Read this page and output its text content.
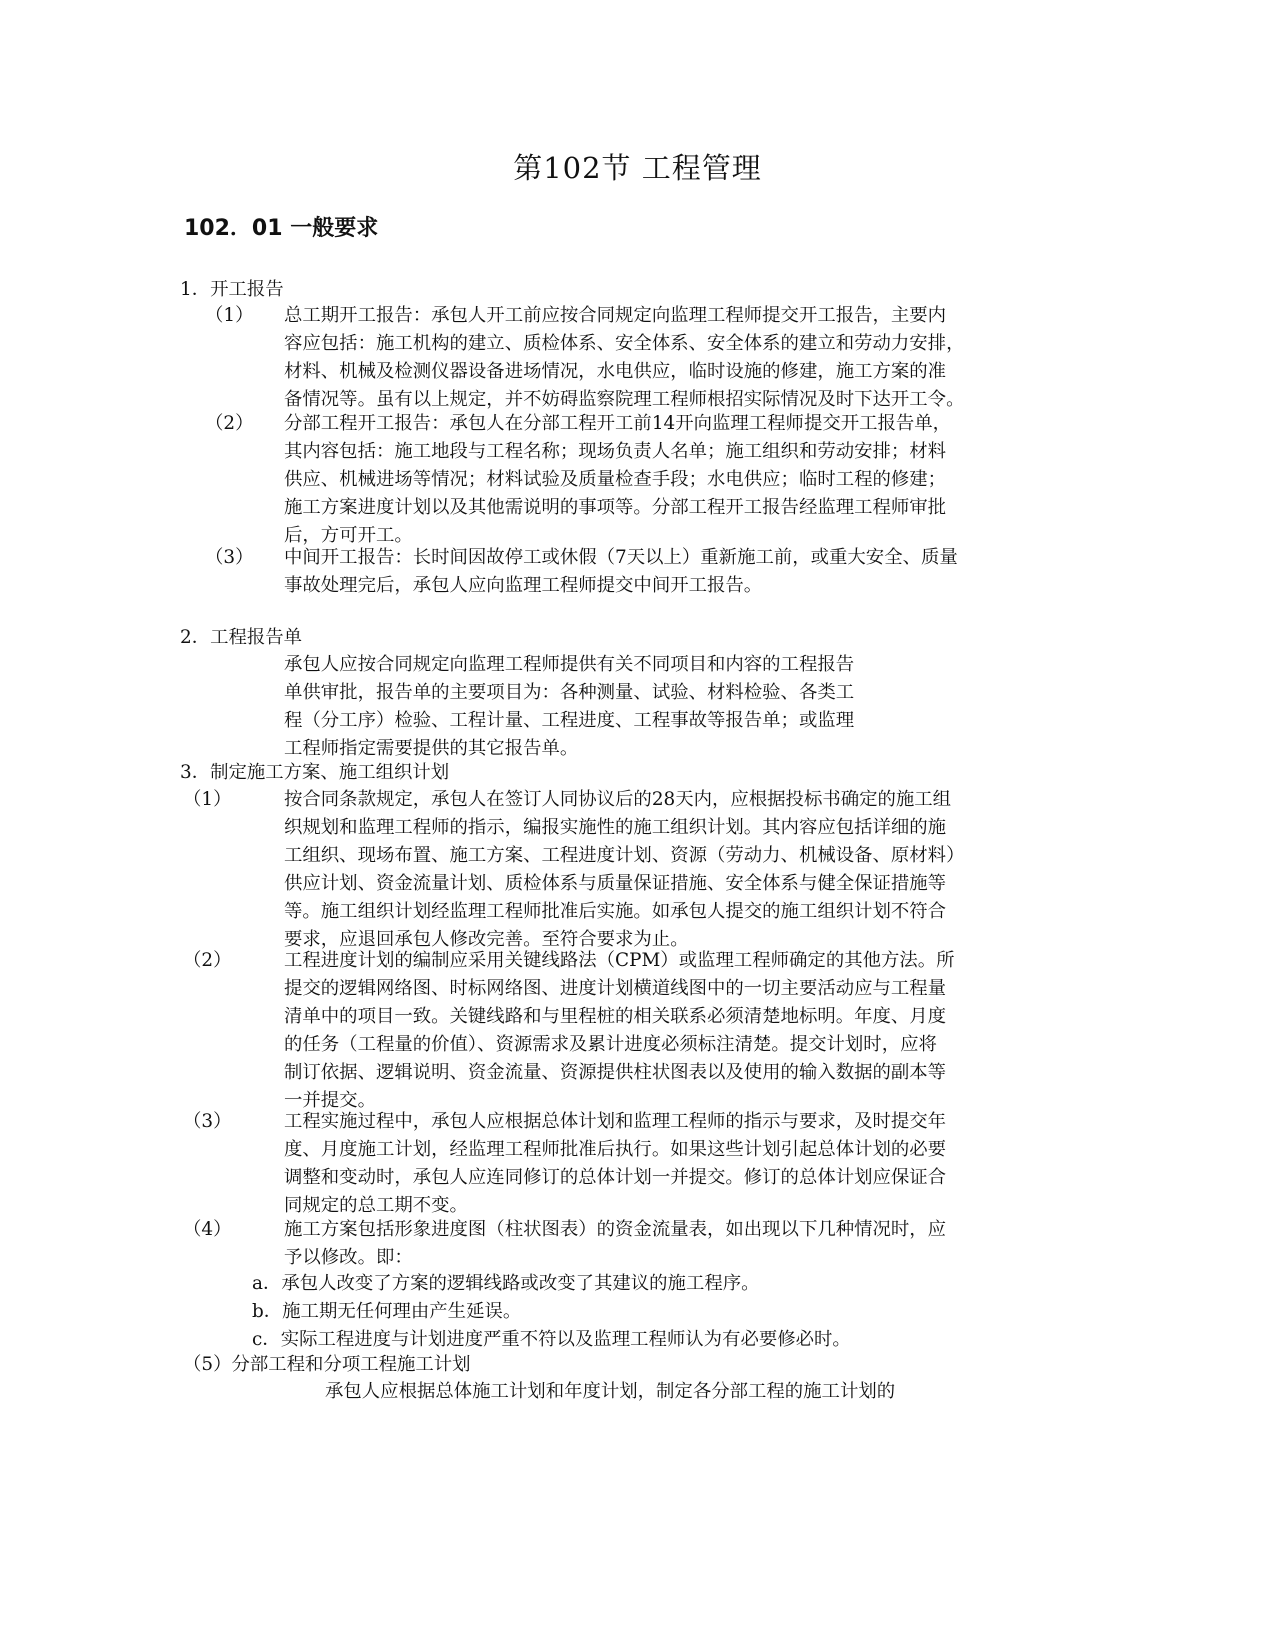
第102节 工程管理
102．01 一般要求
1．开工报告
（1） 总工期开工报告：承包人开工前应按合同规定向监理工程师提交开工报告，主要内
容应包括：施工机构的建立、质检体系、安全体系、安全体系的建立和劳动力安排，
材料、机械及检测仪器设备进场情况，水电供应，临时设施的修建，施工方案的准
备情况等。虽有以上规定，并不妨碍监察院理工程师根招实际情况及时下达开工令。
（2） 分部工程开工报告：承包人在分部工程开工前14开向监理工程师提交开工报告单，
其内容包括：施工地段与工程名称；现场负责人名单；施工组织和劳动安排；材料
供应、机械进场等情况；材料试验及质量检查手段；水电供应；临时工程的修建；
施工方案进度计划以及其他需说明的事项等。分部工程开工报告经监理工程师审批
后，方可开工。
（3） 中间开工报告：长时间因故停工或休假（7天以上）重新施工前，或重大安全、质量
事故处理完后，承包人应向监理工程师提交中间开工报告。
2．工程报告单
承包人应按合同规定向监理工程师提供有关不同项目和内容的工程报告
单供审批，报告单的主要项目为：各种测量、试验、材料检验、各类工
程（分工序）检验、工程计量、工程进度、工程事故等报告单；或监理
工程师指定需要提供的其它报告单。
3．制定施工方案、施工组织计划
（1）	按合同条款规定，承包人在签订人同协议后的28天内，应根据投标书确定的施工组
织规划和监理工程师的指示，编报实施性的施工组织计划。其内容应包括详细的施
工组织、现场布置、施工方案、工程进度计划、资源（劳动力、机械设备、原材料）
供应计划、资金流量计划、质检体系与质量保证措施、安全体系与健全保证措施等
等。施工组织计划经监理工程师批准后实施。如承包人提交的施工组织计划不符合
要求，应退回承包人修改完善。至符合要求为止。
（2）	工程进度计划的编制应采用关键线路法（CPM）或监理工程师确定的其他方法。所
提交的逻辑网络图、时标网络图、进度计划横道线图中的一切主要活动应与工程量
清单中的项目一致。关键线路和与里程桩的相关联系必须清楚地标明。年度、月度
的任务（工程量的价值）、资源需求及累计进度必须标注清楚。提交计划时，应将
制订依据、逻辑说明、资金流量、资源提供柱状图表以及使用的输入数据的副本等
一并提交。
（3）	工程实施过程中，承包人应根据总体计划和监理工程师的指示与要求，及时提交年
度、月度施工计划，经监理工程师批准后执行。如果这些计划引起总体计划的必要
调整和变动时，承包人应连同修订的总体计划一并提交。修订的总体计划应保证合
同规定的总工期不变。
（4）	施工方案包括形象进度图（柱状图表）的资金流量表，如出现以下几种情况时，应
予以修改。即：
a．承包人改变了方案的逻辑线路或改变了其建议的施工程序。
b．施工期无任何理由产生延误。
c．实际工程进度与计划进度严重不符以及监理工程师认为有必要修必时。
（5）分部工程和分项工程施工计划
承包人应根据总体施工计划和年度计划，制定各分部工程的施工计划的
